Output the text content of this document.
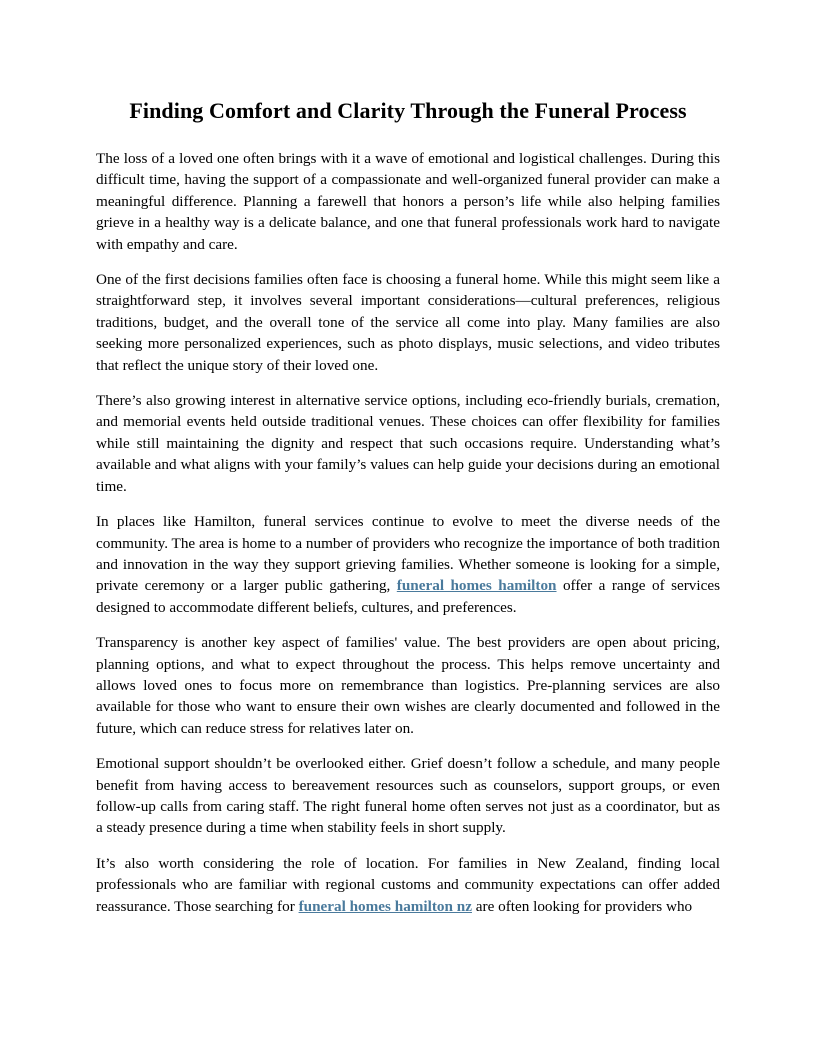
Finding Comfort and Clarity Through the Funeral Process

The loss of a loved one often brings with it a wave of emotional and logistical challenges. During this difficult time, having the support of a compassionate and well-organized funeral provider can make a meaningful difference. Planning a farewell that honors a person’s life while also helping families grieve in a healthy way is a delicate balance, and one that funeral professionals work hard to navigate with empathy and care.

One of the first decisions families often face is choosing a funeral home. While this might seem like a straightforward step, it involves several important considerations—cultural preferences, religious traditions, budget, and the overall tone of the service all come into play. Many families are also seeking more personalized experiences, such as photo displays, music selections, and video tributes that reflect the unique story of their loved one.

There’s also growing interest in alternative service options, including eco-friendly burials, cremation, and memorial events held outside traditional venues. These choices can offer flexibility for families while still maintaining the dignity and respect that such occasions require. Understanding what’s available and what aligns with your family’s values can help guide your decisions during an emotional time.

In places like Hamilton, funeral services continue to evolve to meet the diverse needs of the community. The area is home to a number of providers who recognize the importance of both tradition and innovation in the way they support grieving families. Whether someone is looking for a simple, private ceremony or a larger public gathering, funeral homes hamilton offer a range of services designed to accommodate different beliefs, cultures, and preferences.

Transparency is another key aspect of families' value. The best providers are open about pricing, planning options, and what to expect throughout the process. This helps remove uncertainty and allows loved ones to focus more on remembrance than logistics. Pre-planning services are also available for those who want to ensure their own wishes are clearly documented and followed in the future, which can reduce stress for relatives later on.

Emotional support shouldn’t be overlooked either. Grief doesn’t follow a schedule, and many people benefit from having access to bereavement resources such as counselors, support groups, or even follow-up calls from caring staff. The right funeral home often serves not just as a coordinator, but as a steady presence during a time when stability feels in short supply.

It’s also worth considering the role of location. For families in New Zealand, finding local professionals who are familiar with regional customs and community expectations can offer added reassurance. Those searching for funeral homes hamilton nz are often looking for providers who
